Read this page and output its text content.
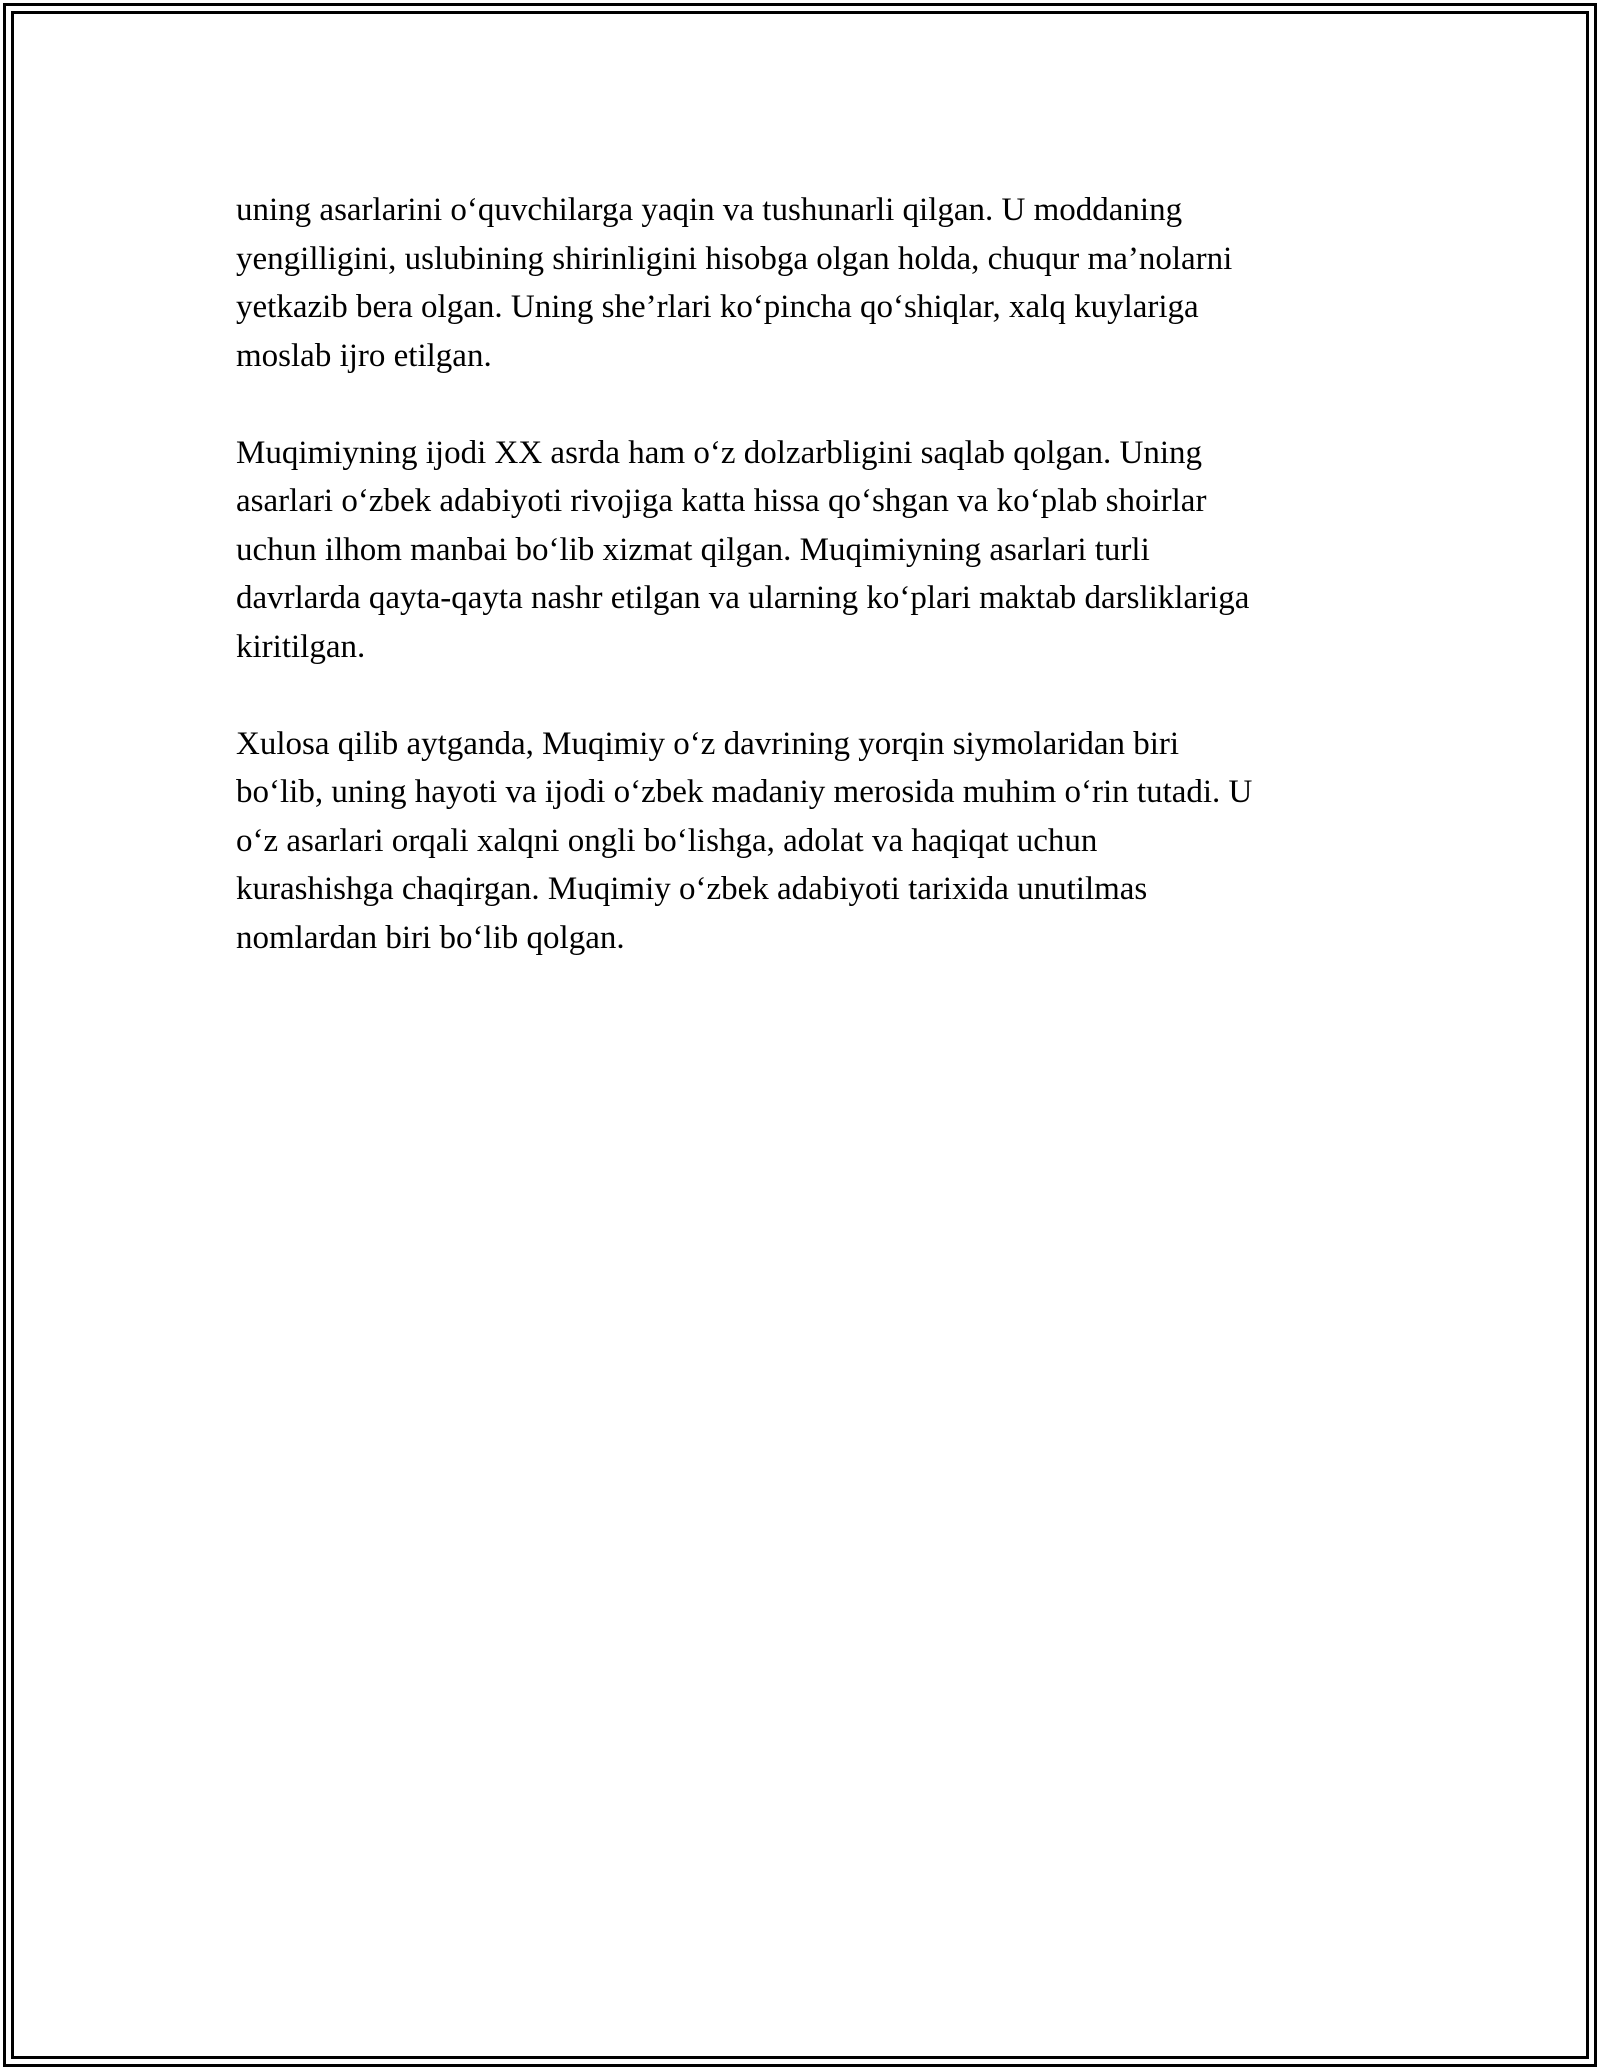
uning asarlarini o‘quvchilarga yaqin va tushunarli qilgan. U moddaning
yengilligini, uslubining shirinligini hisobga olgan holda, chuqur ma’nolarni
yetkazib bera olgan. Uning she’rlari ko‘pincha qo‘shiqlar, xalq kuylariga
moslab ijro etilgan.

Muqimiyning ijodi XX asrda ham o‘z dolzarbligini saqlab qolgan. Uning
asarlari o‘zbek adabiyoti rivojiga katta hissa qo‘shgan va ko‘plab shoirlar
uchun ilhom manbai bo‘lib xizmat qilgan. Muqimiyning asarlari turli
davrlarda qayta-qayta nashr etilgan va ularning ko‘plari maktab darsliklariga
kiritilgan.

Xulosa qilib aytganda, Muqimiy o‘z davrining yorqin siymolaridan biri
bo‘lib, uning hayoti va ijodi o‘zbek madaniy merosida muhim o‘rin tutadi. U
o‘z asarlari orqali xalqni ongli bo‘lishga, adolat va haqiqat uchun
kurashishga chaqirgan. Muqimiy o‘zbek adabiyoti tarixida unutilmas
nomlardan biri bo‘lib qolgan.
